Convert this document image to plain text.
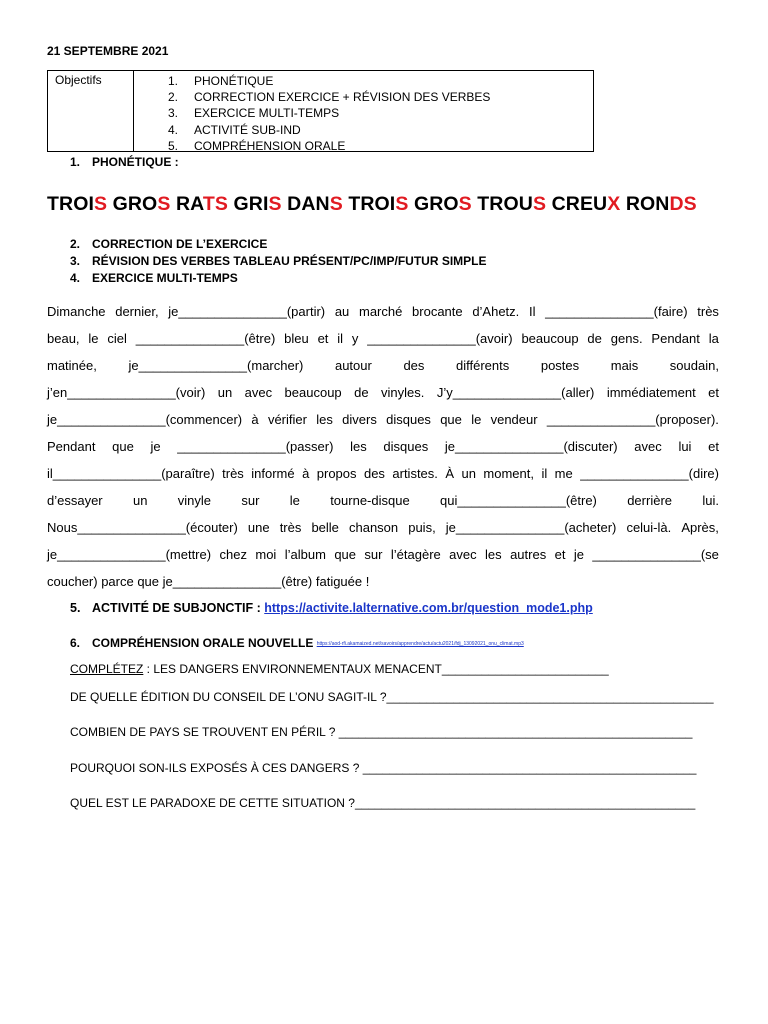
21 SEPTEMBRE 2021
Objectifs	1. PHONÉTIQUE
2. CORRECTION EXERCICE + RÉVISION DES VERBES
3. EXERCICE MULTI-TEMPS
4. ACTIVITÉ SUB-IND
5. COMPRÉHENSION ORALE
1. PHONÉTIQUE :
TROIS GROS RATS GRIS DANS TROIS GROS TROUS CREUX RONDS
2. CORRECTION DE L’EXERCICE
3. RÉVISION DES VERBES TABLEAU PRÉSENT/PC/IMP/FUTUR SIMPLE
4. EXERCICE MULTI-TEMPS
Dimanche dernier, je_______________(partir) au marché brocante d’Ahetz. Il _______________(faire) très
beau, le ciel _______________(être) bleu et il y _______________(avoir) beaucoup de gens. Pendant la
matinée, je_______________(marcher) autour des différents postes mais soudain,
j’en_______________(voir) un avec beaucoup de vinyles. J’y_______________(aller) immédiatement et
je_______________(commencer) à vérifier les divers disques que le vendeur _______________(proposer).
Pendant que je _______________(passer) les disques je_______________(discuter) avec lui et
il_______________(paraître) très informé à propos des artistes. À un moment, il me _______________(dire)
d’essayer un vinyle sur le tourne-disque qui_______________(être) derrière lui.
Nous_______________(écouter) une très belle chanson puis, je_______________(acheter) celui-là. Après,
je_______________(mettre) chez moi l’album que sur l’étagère avec les autres et je _______________(se
coucher) parce que je_______________(être) fatiguée !
5. ACTIVITÉ DE SUBJONCTIF : https://activite.lalternative.com.br/question_mode1.php
6. COMPRÉHENSION ORALE NOUVELLE https://aod-rfi.akamaized.net/savoirs/apprendre/actu/actu2021/fdj_13092021_onu_climat.mp3
COMPLÉTEZ : LES DANGERS ENVIRONNEMENTAUX MENACENT_________________________
DE QUELLE ÉDITION DU CONSEIL DE L’ONU SAGIT-IL ?_________________________________________________
COMBIEN DE PAYS SE TROUVENT EN PÉRIL ? _____________________________________________________
POURQUOI SON-ILS EXPOSÉS À CES DANGERS ? __________________________________________________
QUEL EST LE PARADOXE DE CETTE SITUATION ?___________________________________________________
